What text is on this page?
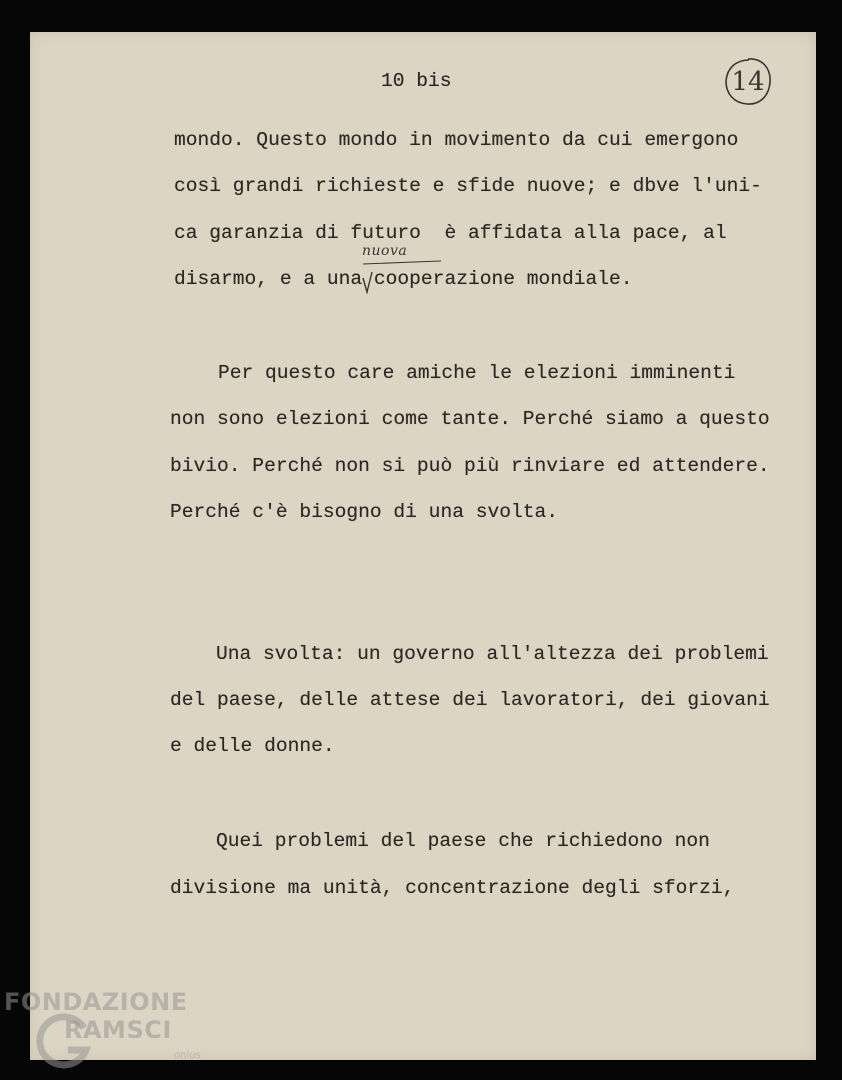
10 bis	14
mondo. Questo mondo in movimento da cui emergono
così grandi richieste e sfide nuove; e dbve l'uni-
ca garanzia di futuro  è affidata alla pace, al
disarmo, e a una cooperazione mondiale.
nuova
Per questo care amiche le elezioni imminenti
non sono elezioni come tante. Perché siamo a questo
bivio. Perché non si può più rinviare ed attendere.
Perché c'è bisogno di una svolta.
Una svolta: un governo all'altezza dei problemi
del paese, delle attese dei lavoratori, dei giovani
e delle donne.
Quei problemi del paese che richiedono non
divisione ma unità, concentrazione degli sforzi,
FONDAZIONE
RAMSCI
onlus
